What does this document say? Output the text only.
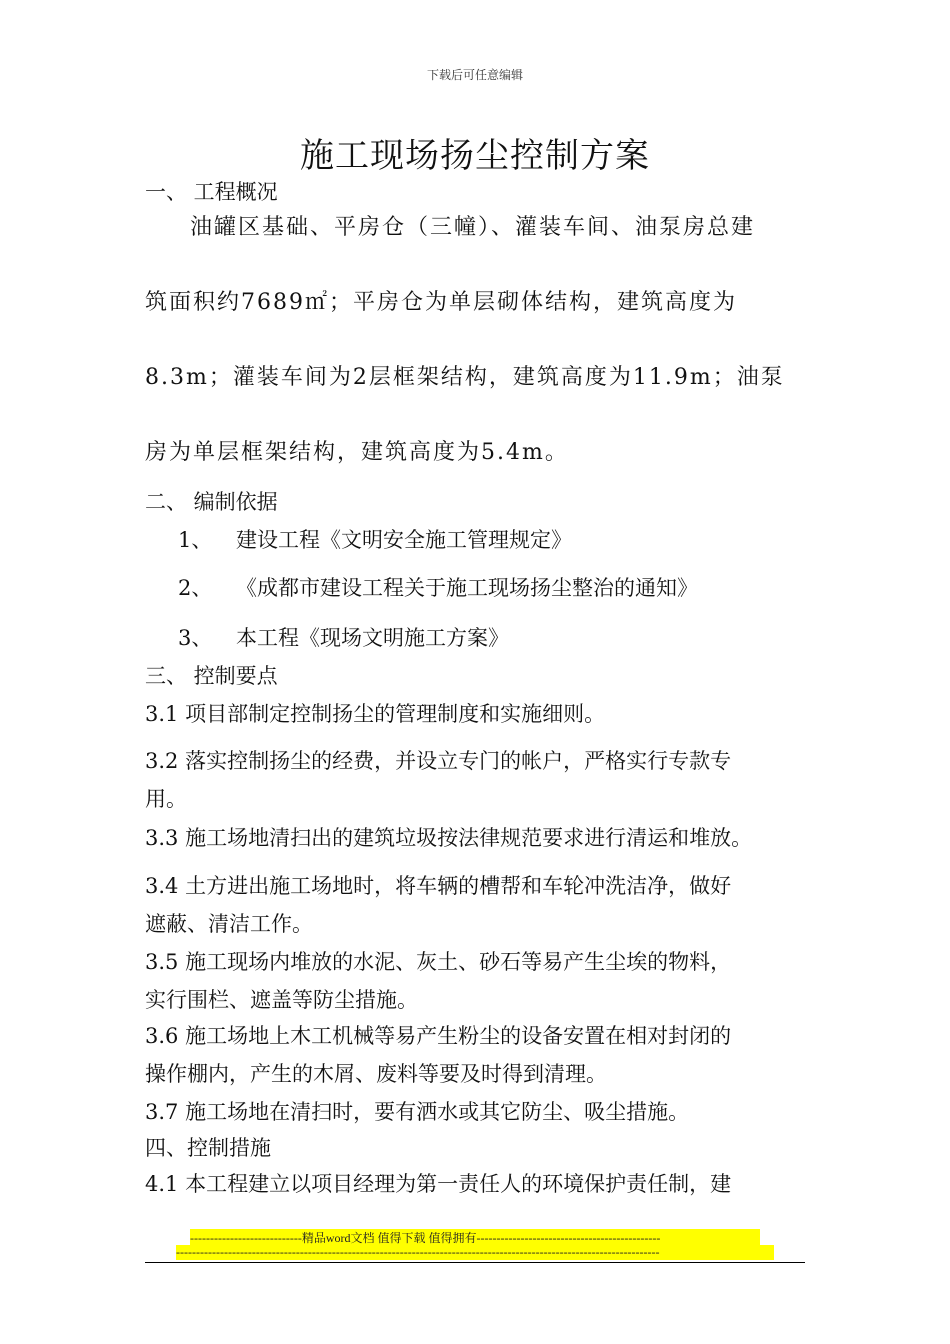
下载后可任意编辑
施工现场扬尘控制方案
一、 工程概况
油罐区基础、平房仓（三幢）、灌装车间、油泵房总建
筑面积约7689㎡；平房仓为单层砌体结构，建筑高度为
8.3m；灌装车间为2层框架结构，建筑高度为11.9m；油泵
房为单层框架结构，建筑高度为5.4m。
二、 编制依据
1、 建设工程《文明安全施工管理规定》
2、 《成都市建设工程关于施工现场扬尘整治的通知》
3、 本工程《现场文明施工方案》
三、 控制要点
3.1 项目部制定控制扬尘的管理制度和实施细则。
3.2 落实控制扬尘的经费，并设立专门的帐户，严格实行专款专
用。
3.3 施工场地清扫出的建筑垃圾按法律规范要求进行清运和堆放。
3.4 土方进出施工场地时，将车辆的槽帮和车轮冲洗洁净，做好
遮蔽、清洁工作。
3.5 施工现场内堆放的水泥、灰土、砂石等易产生尘埃的物料，
实行围栏、遮盖等防尘措施。
3.6 施工场地上木工机械等易产生粉尘的设备安置在相对封闭的
操作棚内，产生的木屑、废料等要及时得到清理。
3.7 施工场地在清扫时，要有洒水或其它防尘、吸尘措施。
四、控制措施
4.1 本工程建立以项目经理为第一责任人的环境保护责任制，建
----------------------------精品word文档 值得下载 值得拥有----------------------------------------------
-------------------------------------------------------------------------------------------------------------------------
